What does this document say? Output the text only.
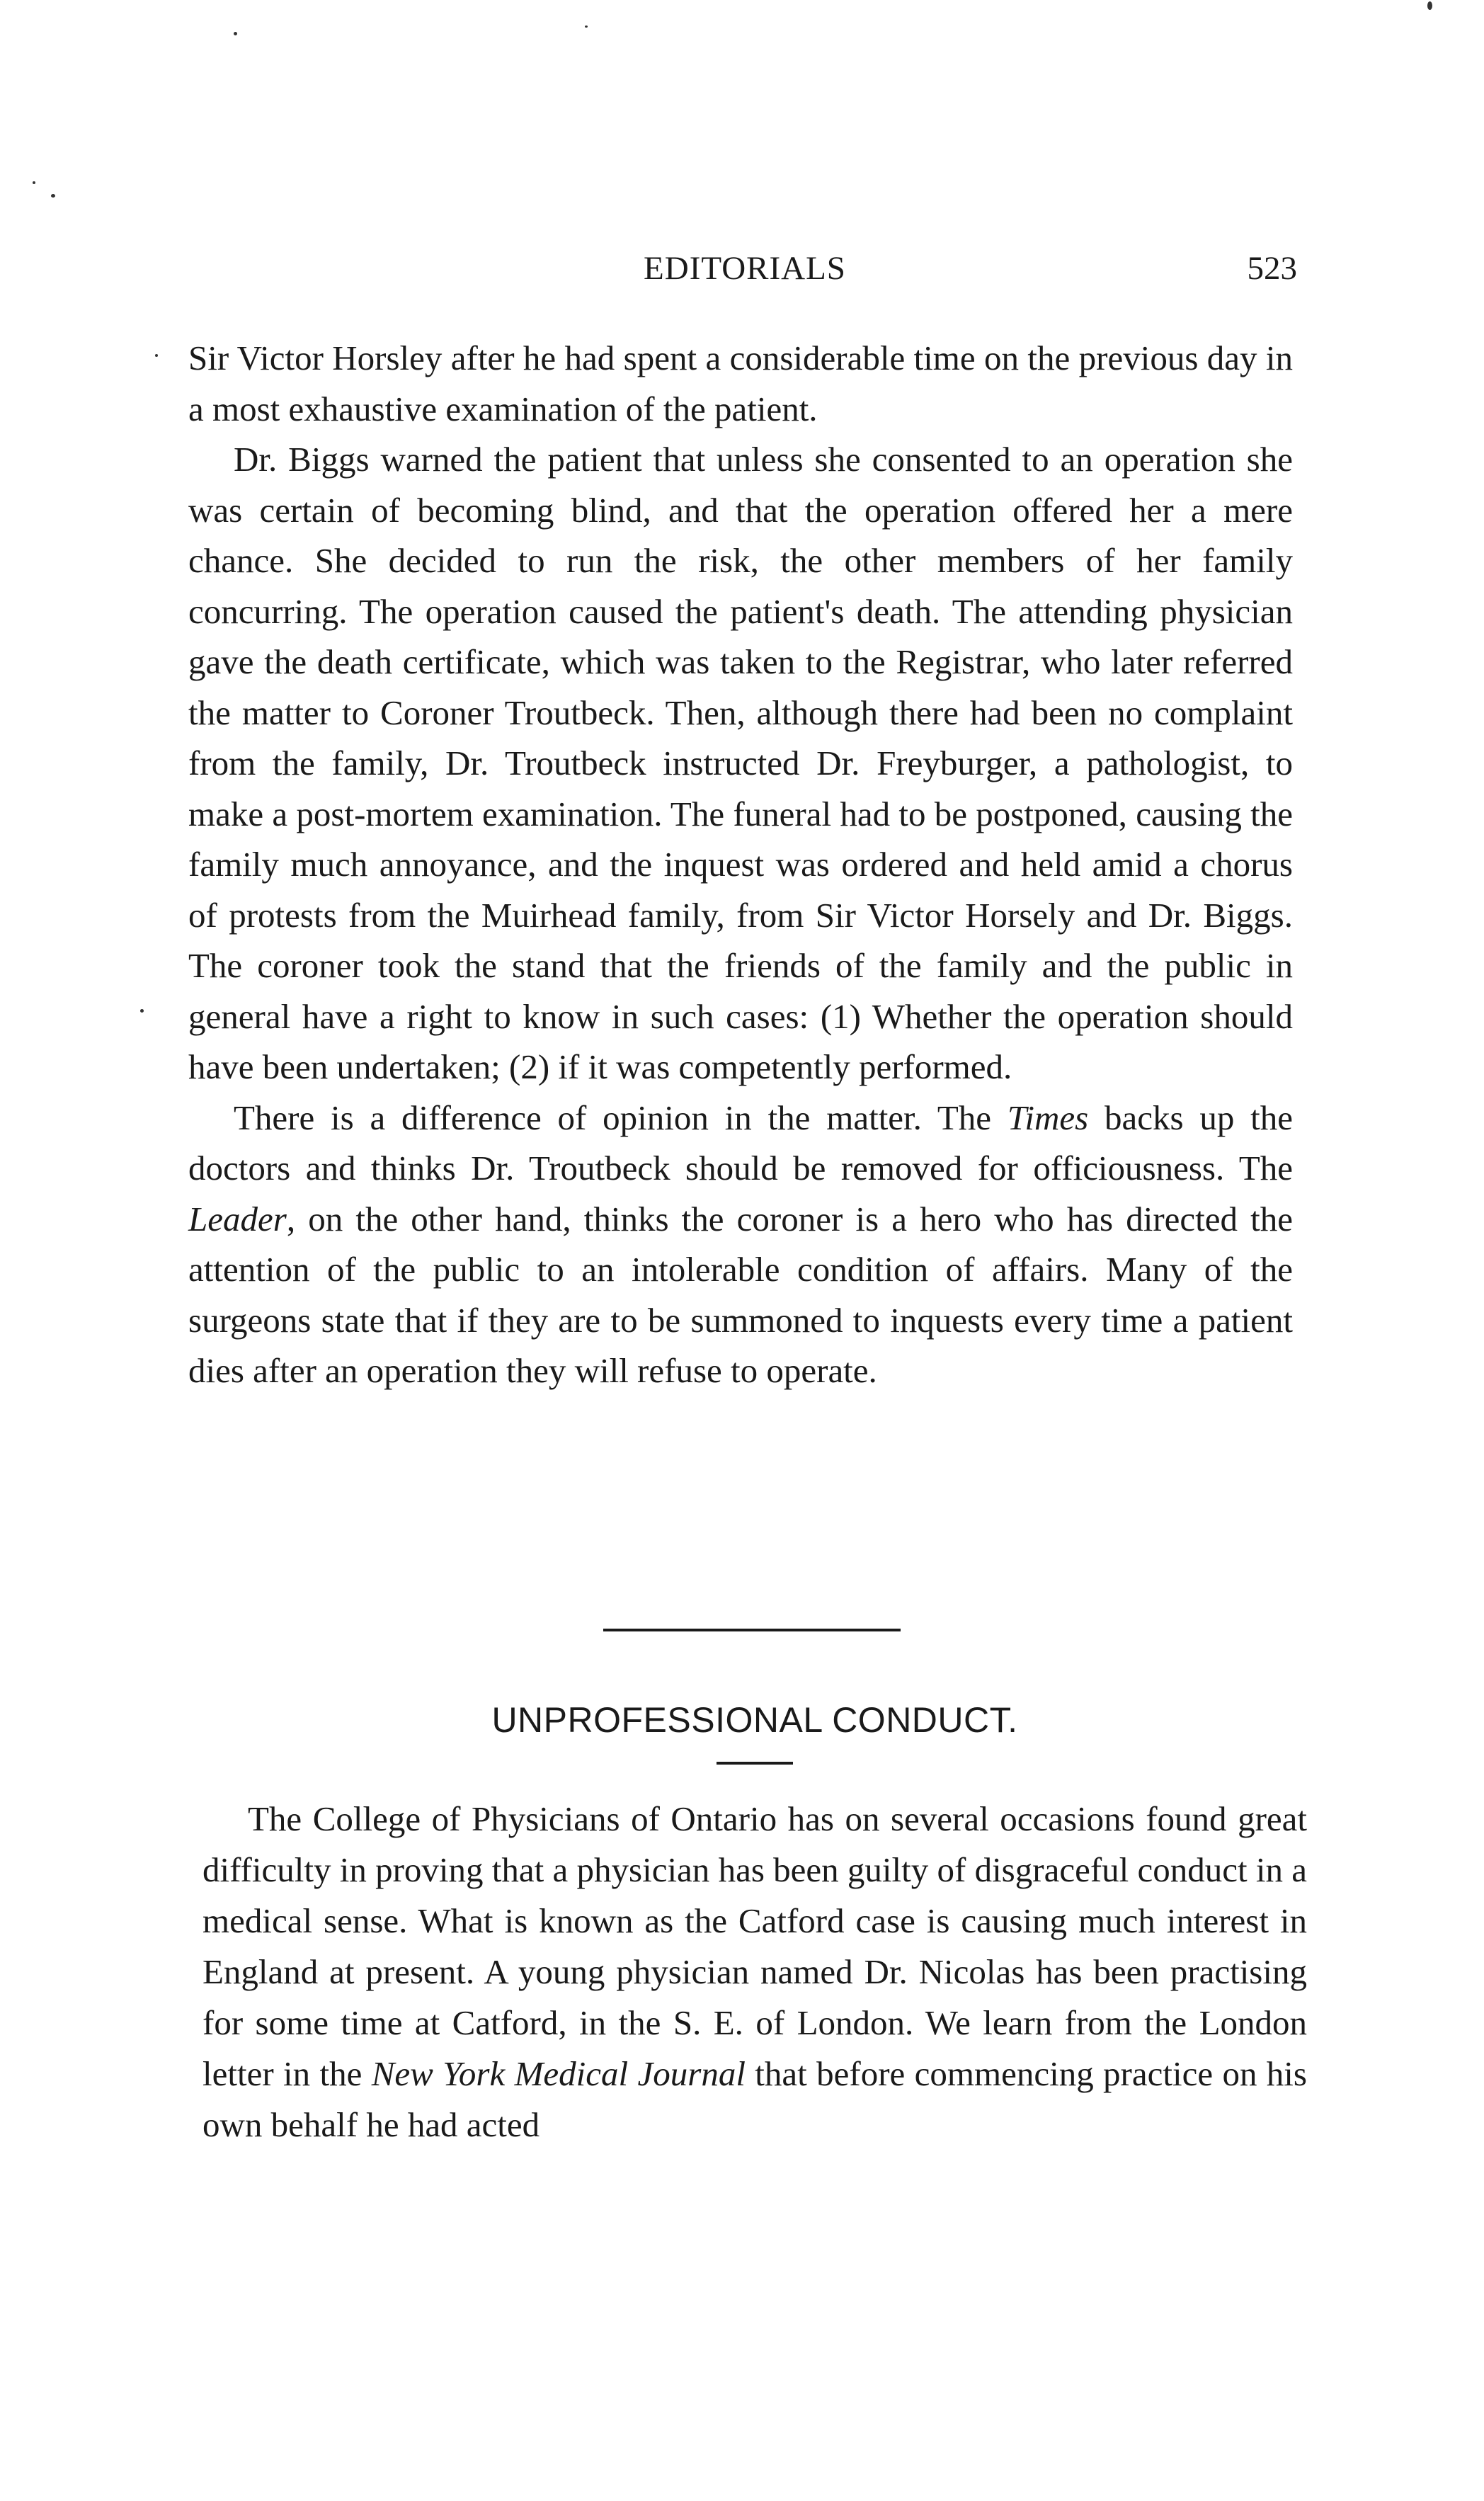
EDITORIALS	523

Sir Victor Horsley after he had spent a considerable time on the previous day in a most exhaustive examination of the patient.

Dr. Biggs warned the patient that unless she consented to an operation she was certain of becoming blind, and that the operation offered her a mere chance. She decided to run the risk, the other members of her family concurring. The operation caused the patient's death. The attending physician gave the death certificate, which was taken to the Registrar, who later referred the matter to Coroner Troutbeck. Then, although there had been no complaint from the family, Dr. Troutbeck instructed Dr. Freyburger, a pathologist, to make a post-mortem examination. The funeral had to be postponed, causing the family much annoyance, and the inquest was ordered and held amid a chorus of protests from the Muirhead family, from Sir Victor Horsely and Dr. Biggs. The coroner took the stand that the friends of the family and the public in general have a right to know in such cases: (1) Whether the operation should have been undertaken; (2) if it was competently performed.

There is a difference of opinion in the matter. The Times backs up the doctors and thinks Dr. Troutbeck should be removed for officiousness. The Leader, on the other hand, thinks the coroner is a hero who has directed the attention of the public to an intolerable condition of affairs. Many of the surgeons state that if they are to be summoned to inquests every time a patient dies after an operation they will refuse to operate.

UNPROFESSIONAL CONDUCT.

The College of Physicians of Ontario has on several occasions found great difficulty in proving that a physician has been guilty of disgraceful conduct in a medical sense. What is known as the Catford case is causing much interest in England at present. A young physician named Dr. Nicolas has been practising for some time at Catford, in the S. E. of London. We learn from the London letter in the New York Medical Journal that before commencing practice on his own behalf he had acted
